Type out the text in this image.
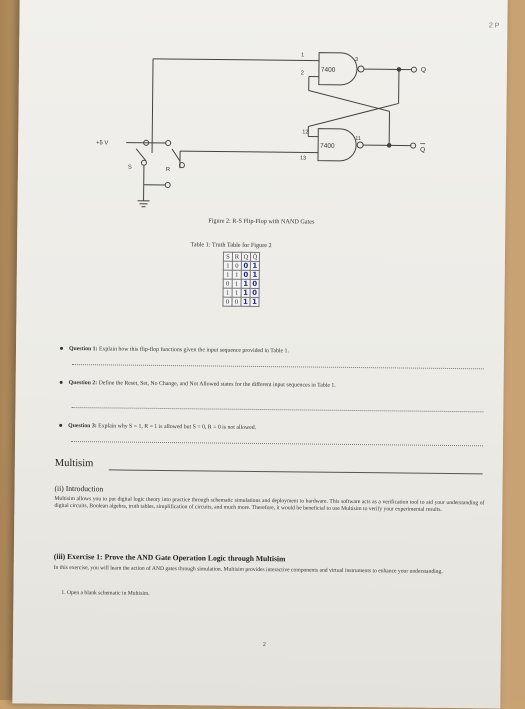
2 P
7400
7400
1
2
3
12
13
11
Q
Q
+5 V
S	R
Figure 2: R-S Flip-Flop with NAND Gates
Table 1: Truth Table for Figure 2
S	R	Q	Q̄
1	0	0	1
1	1	0	1
0	1	1	0
1	1	1	0
0	0	1	1
Question 1: Explain how this flip-flop functions given the input sequence provided in Table 1.
Question 2: Define the Reset, Set, No Change, and Not Allowed states for the different input sequences in Table 1.
Question 3: Explain why S = 1, R = 1 is allowed but S = 0, R = 0 is not allowed.
Multisim
(ii) Introduction
Multisim allows you to put digital logic theory into practice through schematic simulations and deployment to hardware. This software acts as a verification tool to aid your understanding of digital circuits, Boolean algebra, truth tables, simplification of circuits, and much more. Therefore, it would be beneficial to use Multisim to verify your experimental results.
(iii) Exercise 1: Prove the AND Gate Operation Logic through Multisim
In this exercise, you will learn the action of AND gates through simulation. Multisim provides interactive components and virtual instruments to enhance your understanding.
1. Open a blank schematic in Multisim.
2
